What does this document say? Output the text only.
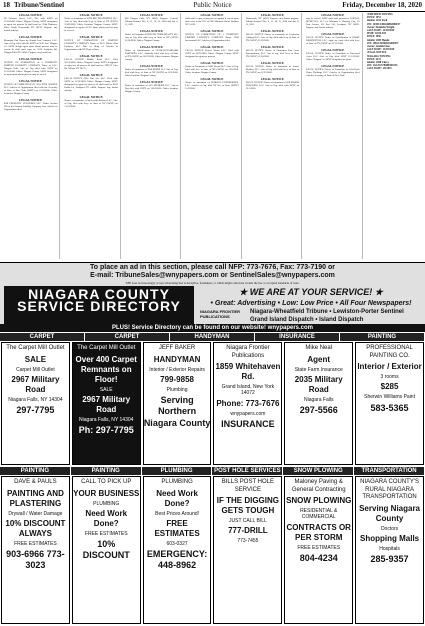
18 Tribune/Sentinel	Public Notice	Friday, December 18, 2020
LEGAL NOTICE
IN Falconer Street, LLC, File with SSNY on 11/30/2020. Office: Niagara County. SSNY designated as agent for process & shall mail to: 2244 Dunlavey Drive North Tonawanda NY 14120. Purpose: any lawful activity.
LEGAL NOTICE
Mountain Oak Vapes by Kendra Law Ventures, LLC. Arts of Org. filed with the SSNY on 9/30. Loc: Niagara Co. SSNY design agent upon whom process may be served & shall mail copy to: 3510 Lockport Rd, Niagara Falls NY 14305. Purpose: any lawful act.
LEGAL NOTICE
NOTICE OF FORMATION of a DOMESTIC LIMITED LIABILITY COMPANY. Name of LLC: Niagara Falls, Arts of Org filed with SSNY on 11/16/2020. Office: Niagara County. SSNY designated as agent upon whom process may be served.
LEGAL NOTICE
NOTICE OF FORMATION OF 2025 PINE AVENUE LLC Articles of Organization filed with the Secretary of State of New York (SSNY) on 11/19/2020. Office located in Niagara County.
LEGAL NOTICE
KJR PROPERTY VENTURES LLC. Under Section 206 of the Limited Liability Company Law. Articles of Organization filed.
LEGAL NOTICE
Notice of formation of WNY BBC PROPERTIES LLC. Arts. of Org. filed with Secy. of State of NY (SSNY) 12/09/2020. Office location: Niagara County. SSNY designated as agent of LLC upon whom process may be served.
LEGAL NOTICE
NOTICE OF FORMATION OF LIMITED LIABILITY COMPANY Name of LLC: Walter Bins Products, LLC Date of filing of Articles of Organization with NY Dept of State.
LEGAL NOTICE
LEGAL NOTICE Middle Road LLC. Filed 10/31/2020. Office: Niagara County. SSNY designated as agent for all process & shall mail to: 2990 N. Line Rd, Wilson NY 14172.
LEGAL NOTICE
LEGAL NOTICE 3955 Pine Ave LLC. Filed with SSNY on 11/23/2020. Office: Niagara County. SSNY designated as agent for process & shall mail to: 8033 Robin Ln, Lockport NY 14094. Purpose: any lawful activity.
LEGAL NOTICE
Notice of formation of Steelworks/Bellows LLC. Arts. of Org. filed with Secy. of State of NY (SSNY) on 11/12/2020.
LEGAL NOTICE
Bill Niagara Falls, NY 14305. Purpose: General. Tribune/Sentinel Dec. 4, 11, 18, 25, 2020 and Jan. 8, 15, 2021
LEGAL NOTICE
Notice of Formation FOREVER FORM REALTY LLC Arts of Org filed with Secy of State of NY (SSNY) 11/30/2020. Office: Niagara County.
LEGAL NOTICE
Notice of Qualification of GLOBALSTANDARD PARTNERS, LLC. Authority filed with Secy of State of NY (SSNY) on 10/19/2020. Office location: Niagara County.
LEGAL NOTICE
Notice of formation of 3930 BEEBE LLC Arts. of Org. filed with Secy. of State of NY (SSNY) on 12/3/2020. Office location: Niagara County.
LEGAL NOTICE
Notice of formation of APA MODERN LLC. Arts of Org filed with SSNY on 11/02/2020. Office location: Niagara County.
LEGAL NOTICE
shall mail a copy of any process against it served upon him or her to the LLC at 5933 Shawnee Road, Sanborn NY 14132.
LEGAL NOTICE
NOTICE OF FORMATION OF A DOMESTIC LIMITED LIABILITY COMPANY Name: H/M Investment LLC Articles of Organization filed.
LEGAL NOTICE
LEGAL NOTICE Wenzel Works LLC. Filed with SSNY on 10/22/2020. Office: Niagara County. SSNY designated as agent for process.
LEGAL NOTICE
Notice of Formation of AMC Rental LLC. Arts. of Org. filed with Sec. of State of NY (SSNY) on 11/6/2020. Office location: Niagara County.
LEGAL NOTICE
Notice of formation of PERRIGS ENTERPRISES, LLC. Articles of Org. filed NY Sec. of State (SSNY) 11/6/2020.
LEGAL NOTICE
Tonawanda, NY 14120. Purpose: any lawful purpose. Tribune/Sentinel Dec. 4, 11, 18, 25, 2020 and Jan. 8, 15, 2021
LEGAL NOTICE
LEGAL NOTICE Notice of formation of Fenderson Cullinant LLC. Arts. of Org. filed with Secy. of State of NY (SSNY) 11/19/2020.
LEGAL NOTICE
LEGAL NOTICE Notice of Formation East Cross Entertainment, LLC. Arts of org. filed Secy. of State NY (SSNY) 11/10/2020.
LEGAL NOTICE
LEGAL NOTICE Notice of formation of Laurel Meadow LLC. Arts. of Org. filed with Secy. of State of NY (SSNY) on 11/25/2020.
LEGAL NOTICE
LEGAL NOTICE Notice of formation of WILDWIND TRUCKING LLC. Arts of Org. filed with SSNY on 12/1/2020.
LEGAL NOTICE
may be served. SSNY shall mail process to: NATHAL MCKEAN L LLC c/o Marianne L. Kasting, Esq., 23 East Avenue, PO Box 520, Lockport, NY 14095. Purpose: any lawful activity.
LEGAL NOTICE
LEGAL NOTICE Notice of Qualification of RW&T RESIDENTIAL LLC. Appl. for Auth. filed with Secy of State of NY (SSNY) on 11/12/2020.
LEGAL NOTICE
LEGAL NOTICE Notice of Formation of Pinewood Acres LLC. Arts. of Org. filed SSNY 11/12/2020. Office: Niagara Co. SSNY designated as agent.
LEGAL NOTICE
LEGAL NOTICE Notice of Formation of Cold Rock Home Holdings LLC. Articles of Organization filed with the Secretary of State of New York.
CERTIFIED TOWING
TOW#: 1951
Vehicle: 2011 Ford
VIN: 1FMCU0DG6BKB00017
Owner: Deenisha Wright
SALE DATE: 12/30/2020
TIME: 10:00 AM
TOW#: 1956
Vehicle: 2005 Honda
VIN: 1HGCM56465A000471
Owner: Jennifer Doe
SALE DATE: 12/30/2020
LEGAL NOTICE
NIAGARA TOWING
TOW#: 2431
Vehicle: 2008 Chevy
VIN: 1G1ZG57B48F000125
SALE DATE: 1/8/2021
To place an ad in this section, please call NFP: 773-7676, Fax: 773-7190 or
E-mail: TribuneSales@wnypapers.com or SentinelSales@wnypapers.com
NFP does not knowingly accept advertising that is deceptive, fraudulent, or which might otherwise violate the law or accepted standards of taste.
NIAGARA COUNTY SERVICE DIRECTORY
★ WE ARE AT YOUR SERVICE! ★
• Great: Advertising • Low: Low Price • All Four Newspapers!
NIAGARA FRONTIER PUBLICATIONS
Niagara-Wheatfield Tribune • Lewiston-Porter Sentinel
Grand Island Dispatch • Island Dispatch
PLUS! Service Directory can be found on our website! wnypapers.com
CARPET	CARPET	HANDYMAN	INSURANCE	PAINTING
The Carpet Mill Outlet
SALE
Carpet Mill Outlet
2967 Military Road
Niagara Falls, NY 14304
297-7795
The Carpet Mill Outlet
Over 400 Carpet Remnants on Floor!
SALE
2967 Military Road
Niagara Falls, NY 14304
Ph: 297-7795
JEFF BAKER
HANDYMAN
Interior / Exterior Repairs
799-9858
Plumbing
Serving Northern Niagara County
Niagara Frontier Publications
1859 Whitehaven Rd.
Grand Island, New York 14072
Phone: 773-7676
wnypapers.com
INSURANCE
Mike Neal
Agent
State Farm Insurance
2035 Military Road
Niagara Falls
297-5566
PROFESSIONAL PAINTING CO.
Interior / Exterior
3 rooms
$285
Sherwin Williams Paint
583-5365
PAINTING	PAINTING	PLUMBING	POST HOLE SERVICES	SNOW PLOWING	TRANSPORTATION
DAVE & PAULS
PAINTING AND PLASTERING
Drywall / Water Damage
10% DISCOUNT ALWAYS
FREE ESTIMATES
903-6966 773-3023
CALL TO PICK UP
YOUR BUSINESS
PLUMBING
Need Work Done?
FREE ESTIMATES
10% DISCOUNT
PLUMBING
Need Work Done?
Best Prices Around!
FREE ESTIMATES
603-0327
EMERGENCY: 448-8962
BILLS POST HOLE SERVICE
IF THE DIGGING GETS TOUGH
JUST CALL BILL
777-DRILL
773-7455
Maloney Paving & General Contracting
SNOW PLOWING
RESIDENTIAL & COMMERCIAL
CONTRACTS OR PER STORM
FREE ESTIMATES
804-4234
NIAGARA COUNTY'S RURAL NIAGARA TRANSPORTATION
Serving Niagara County
Doctors
Shopping Malls
Hospitals
285-9357
